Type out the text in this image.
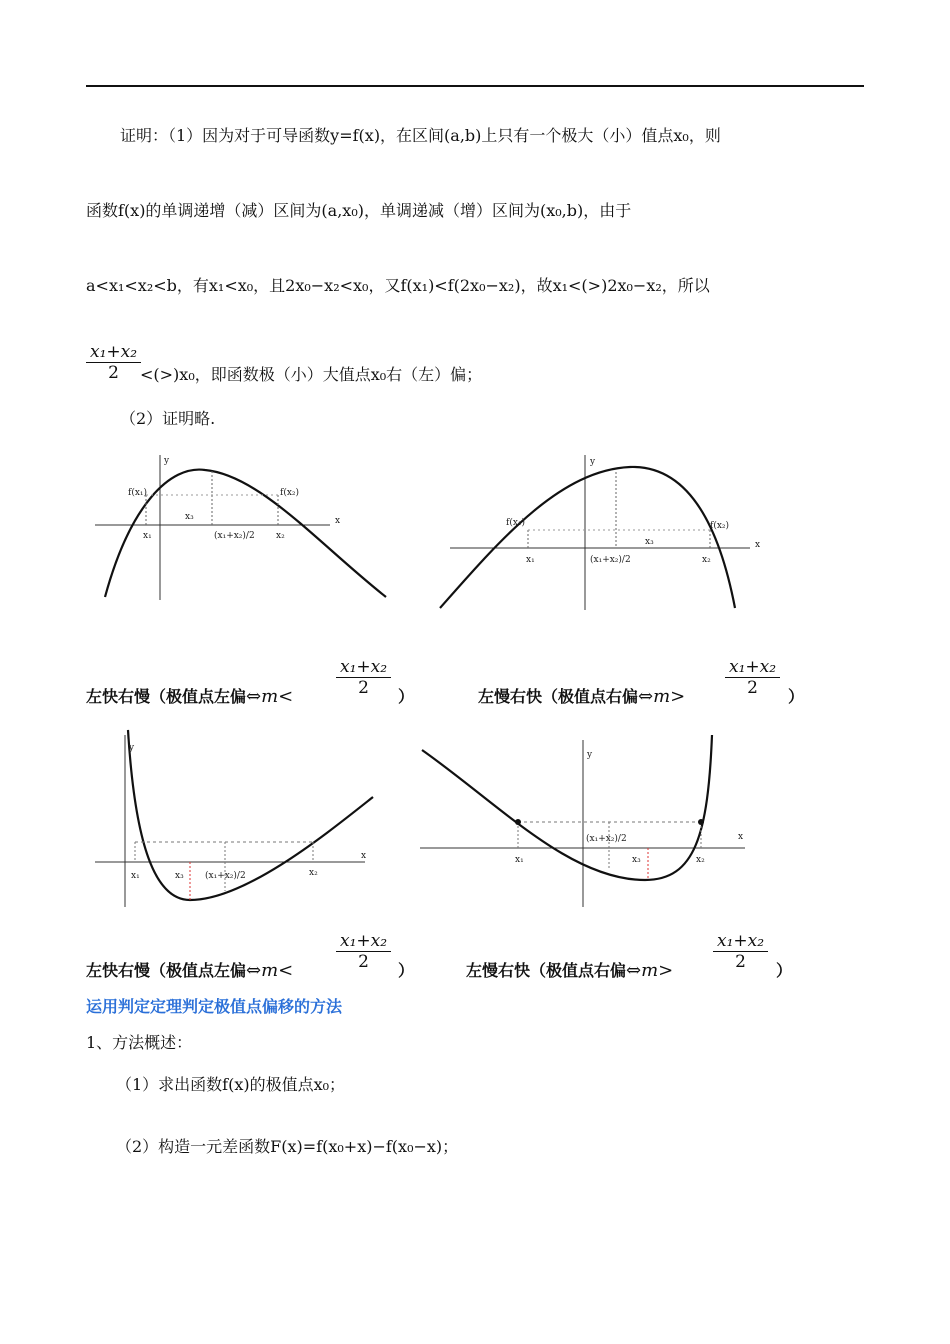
证明：（1）因为对于可导函数y=f(x)，在区间(a,b)上只有一个极大（小）值点x₀，则
函数f(x)的单调递增（减）区间为(a,x₀)，单调递减（增）区间为(x₀,b)，由于
a<x₁<x₂<b，有x₁<x₀，且2x₀−x₂<x₀，又f(x₁)<f(2x₀−x₂)，故x₁<(>)2x₀−x₂，所以
$\frac{\text{x₁+x₂}}{2}$
<(>)x₀，即函数极（小）大值点x₀右（左）偏；
（2）证明略.
x
y
f(x₁)	f(x₂)
x₁
x₃
(x₁+x₂)/2 x₂
x
y
f(x₁)	f(x₂)
x₁
x₃
(x₁+x₂)/2	x₂
左快右慢（极值点左偏⇔m<	$\frac{\text{x₁+x₂}}{2}$ ）	左慢右快（极值点右偏⇔m> $\frac{\text{x₁+x₂}}{2}$ ）
x
y
x₁	x₃ (x₁+x₂)/2	x₂
x
y
x₁
(x₁+x₂)/2
x₃	x₂
左快右慢（极值点左偏⇔m<	$\frac{\text{x₁+x₂}}{2}$ ）	左慢右快（极值点右偏⇔m> $\frac{\text{x₁+x₂}}{2}$ ）
运用判定定理判定极值点偏移的方法
1、方法概述：
（1）求出函数f(x)的极值点x₀；
（2）构造一元差函数F(x)=f(x₀+x)−f(x₀−x)；
